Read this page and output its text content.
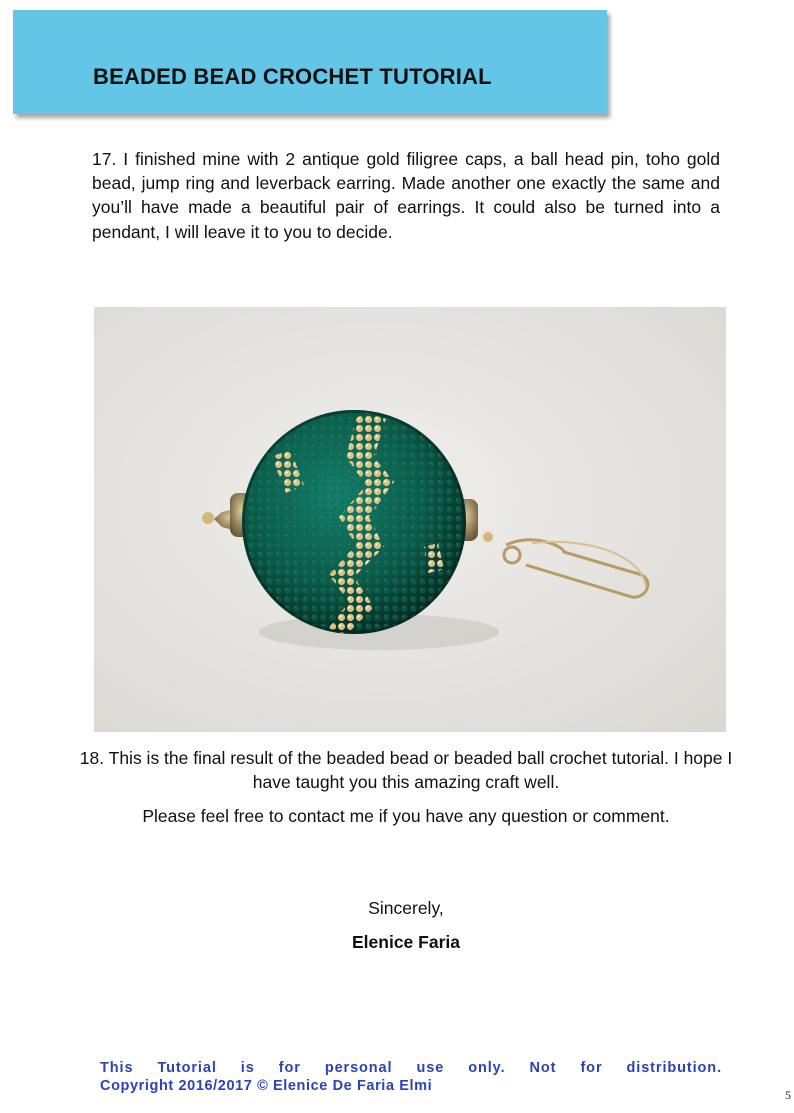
BEADED BEAD CROCHET TUTORIAL

17. I finished mine with 2 antique gold filigree caps, a ball head pin, toho gold bead, jump ring and leverback earring. Made another one exactly the same and you’ll have made a beautiful pair of earrings. It could also be turned into a pendant, I will leave it to you to decide.

18. This is the final result of the beaded bead or beaded ball crochet tutorial. I hope I have taught you this amazing craft well.

Please feel free to contact me if you have any question or comment.

Sincerely,

Elenice Faria

This Tutorial is for personal use only. Not for distribution.
Copyright 2016/2017 © Elenice De Faria Elmi
5
